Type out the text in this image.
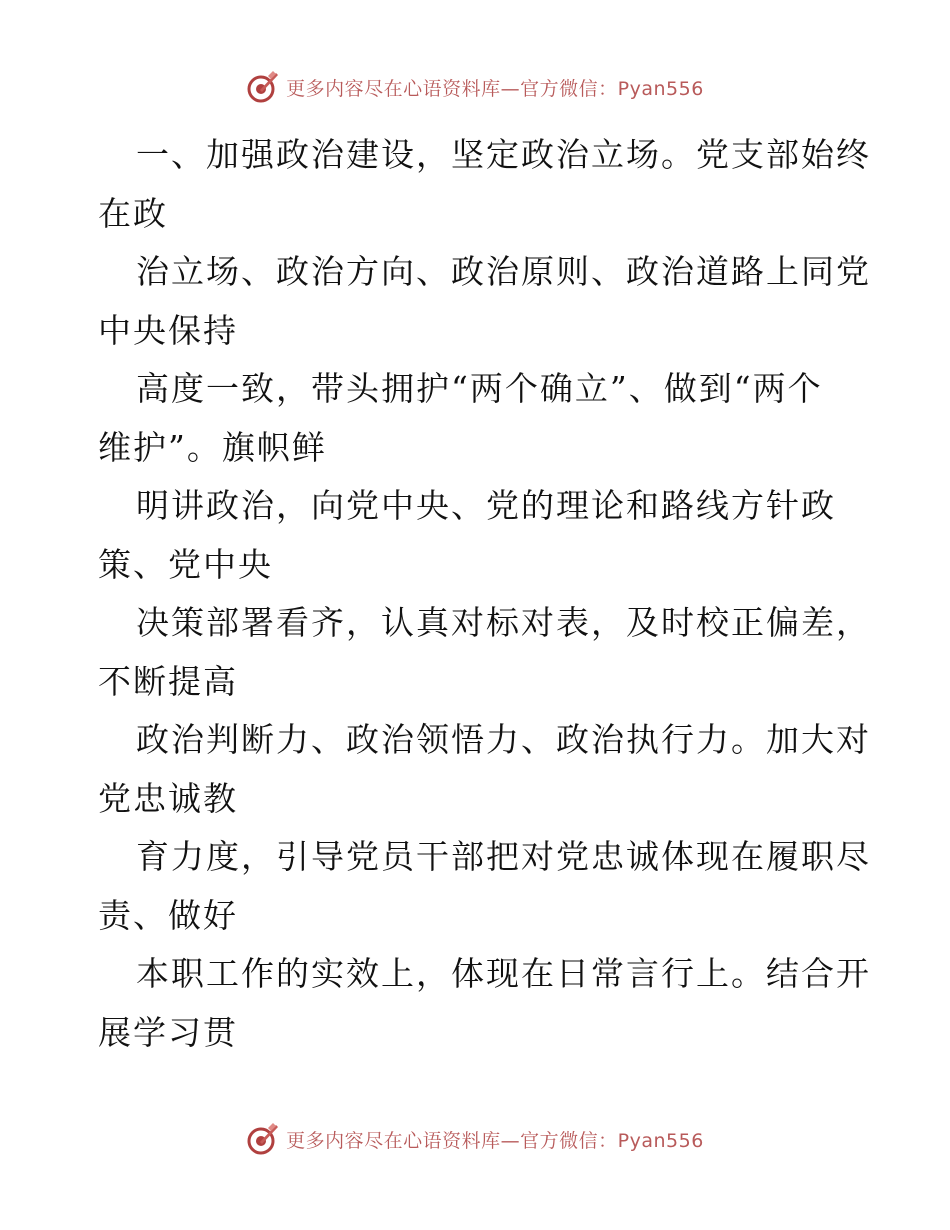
更多内容尽在心语资料库—官方微信：Pyan556
一、加强政治建设，坚定政治立场。党支部始终
在政
治立场、政治方向、政治原则、政治道路上同党
中央保持
高度一致，带头拥护“两个确立”、做到“两个
维护”。旗帜鲜
明讲政治，向党中央、党的理论和路线方针政
策、党中央
决策部署看齐，认真对标对表，及时校正偏差，
不断提高
政治判断力、政治领悟力、政治执行力。加大对
党忠诚教
育力度，引导党员干部把对党忠诚体现在履职尽
责、做好
本职工作的实效上，体现在日常言行上。结合开
展学习贯
更多内容尽在心语资料库—官方微信：Pyan556
